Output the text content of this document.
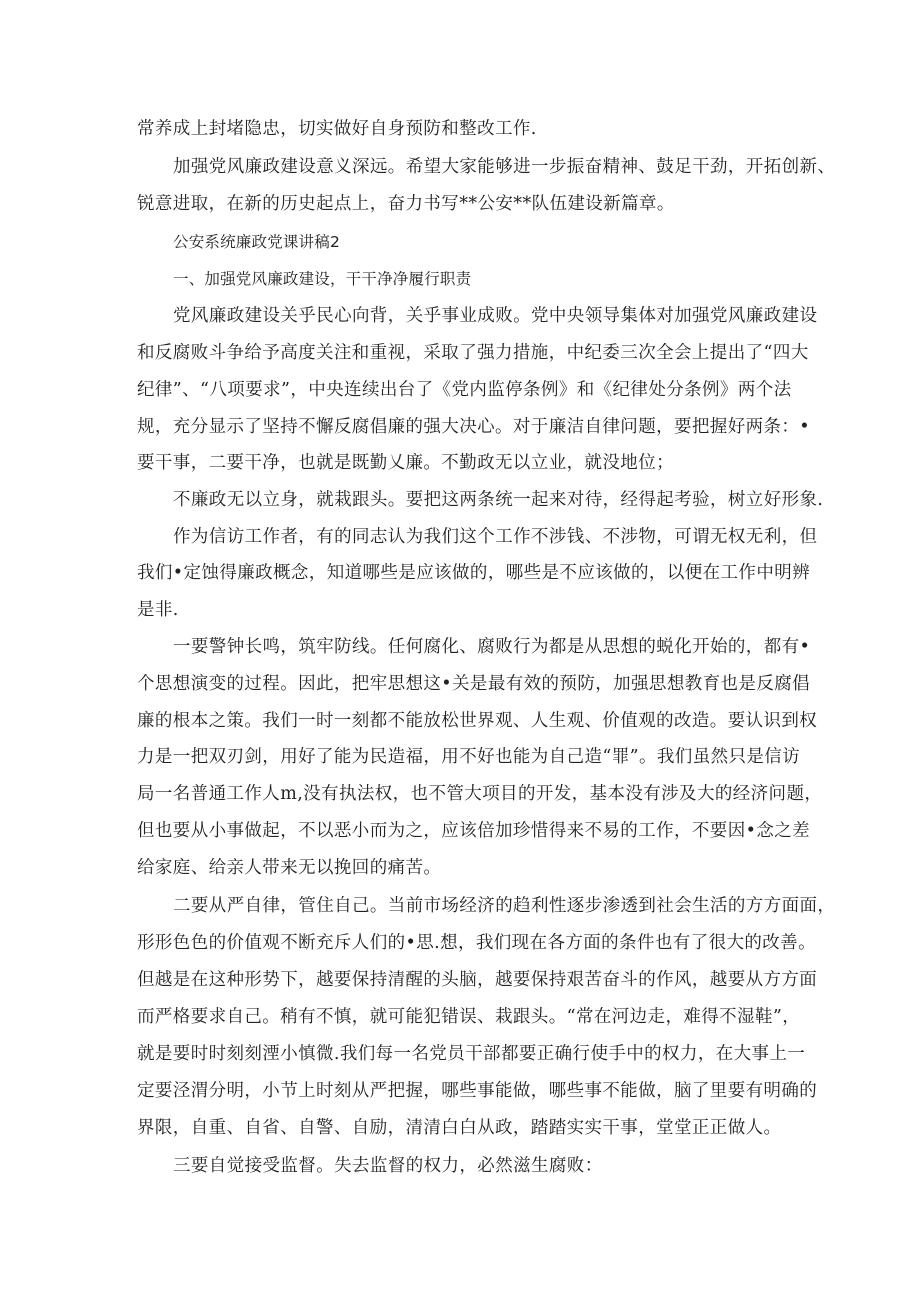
常养成上封堵隐忠，切实做好自身预防和整改工作.
加强党风廉政建设意义深远。希望大家能够进一步振奋精神、鼓足干劲，开拓创新、
锐意进取，在新的历史起点上，奋力书写**公安**队伍建设新篇章。
公安系统廉政党课讲稿2
一、加强党风廉政建设，干干净净履行职责
党风廉政建设关乎民心向背，关乎事业成败。党中央领导集体对加强党风廉政建设
和反腐败斗争给予高度关注和重视，采取了强力措施，中纪委三次全会上提出了“四大
纪律”、“八项要求”，中央连续出台了《党内监停条例》和《纪律处分条例》两个法
规，充分显示了坚持不懈反腐倡廉的强大决心。对于廉洁自律问题，要把握好两条：•
要干事，二要干净，也就是既勤乂廉。不勤政无以立业，就没地位；
不廉政无以立身，就栽跟头。要把这两条统一起来对待，经得起考验，树立好形象.
作为信访工作者，有的同志认为我们这个工作不涉钱、不涉物，可谓无权无利，但
我们•定蚀得廉政概念，知道哪些是应该做的，哪些是不应该做的，以便在工作中明辨
是非.
一要警钟长鸣，筑牢防线。任何腐化、腐败行为都是从思想的蜕化开始的，都有•
个思想演变的过程。因此，把牢思想这•关是最有效的预防，加强思想教育也是反腐倡
廉的根本之策。我们一时一刻都不能放松世界观、人生观、价值观的改造。要认识到权
力是一把双刃剑，用好了能为民造福，用不好也能为自己造“罪”。我们虽然只是信访
局一名普通工作人m,没有执法权，也不管大项目的开发，基本没有涉及大的经济问题，
但也要从小事做起，不以恶小而为之，应该倍加珍惜得来不易的工作，不要因•念之差
给家庭、给亲人带来无以挽回的痛苦。
二要从严自律，管住自己。当前市场经济的趋利性逐步渗透到社会生活的方方面面，
形形色色的价值观不断充斥人们的•思.想，我们现在各方面的条件也有了很大的改善。
但越是在这种形势下，越要保持清醒的头脑，越要保持艰苦奋斗的作风，越要从方方面
而严格要求自己。稍有不慎，就可能犯错误、栽跟头。“常在河边走，难得不湿鞋”，
就是要时时刻刻湮小慎微.我们每一名党员干部都要正确行使手中的权力，在大事上一
定要泾渭分明，小节上时刻从严把握，哪些事能做，哪些事不能做，脑了里要有明确的
界限，自重、自省、自警、自励，清清白白从政，踏踏实实干事，堂堂正正做人。
三要自觉接受监督。失去监督的权力，必然滋生腐败：
